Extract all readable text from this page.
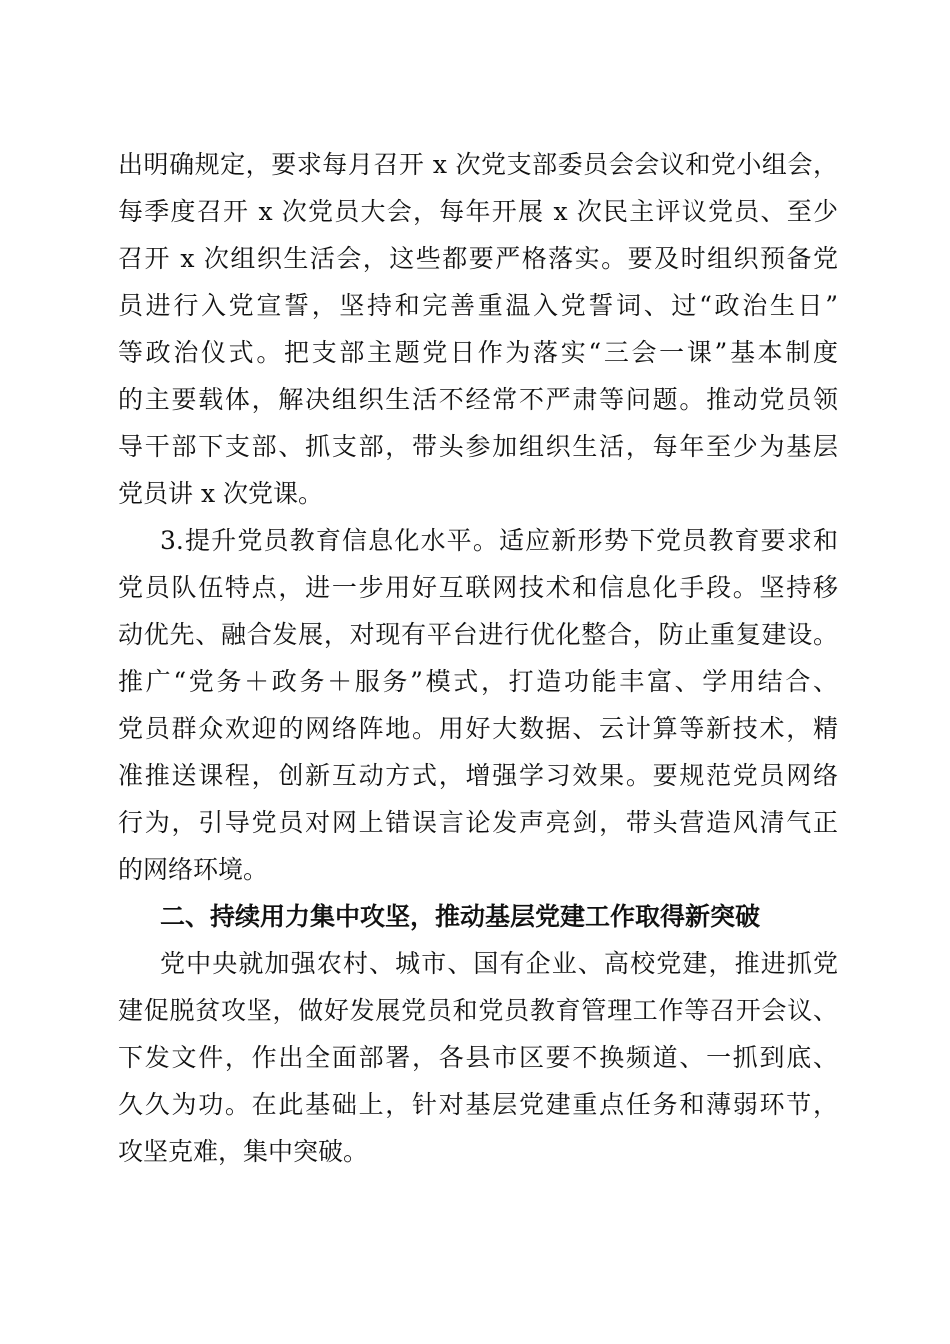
出明确规定，要求每月召开 x 次党支部委员会会议和党小组会，
每季度召开 x 次党员大会，每年开展 x 次民主评议党员、至少
召开 x 次组织生活会，这些都要严格落实。要及时组织预备党
员进行入党宣誓，坚持和完善重温入党誓词、过“政治生日”
等政治仪式。把支部主题党日作为落实“三会一课”基本制度
的主要载体，解决组织生活不经常不严肃等问题。推动党员领
导干部下支部、抓支部，带头参加组织生活，每年至少为基层
党员讲 x 次党课。
3.提升党员教育信息化水平。适应新形势下党员教育要求和
党员队伍特点，进一步用好互联网技术和信息化手段。坚持移
动优先、融合发展，对现有平台进行优化整合，防止重复建设。
推广“党务＋政务＋服务”模式，打造功能丰富、学用结合、
党员群众欢迎的网络阵地。用好大数据、云计算等新技术，精
准推送课程，创新互动方式，增强学习效果。要规范党员网络
行为，引导党员对网上错误言论发声亮剑，带头营造风清气正
的网络环境。
二、持续用力集中攻坚，推动基层党建工作取得新突破
党中央就加强农村、城市、国有企业、高校党建，推进抓党
建促脱贫攻坚，做好发展党员和党员教育管理工作等召开会议、
下发文件，作出全面部署，各县市区要不换频道、一抓到底、
久久为功。在此基础上，针对基层党建重点任务和薄弱环节，
攻坚克难，集中突破。
